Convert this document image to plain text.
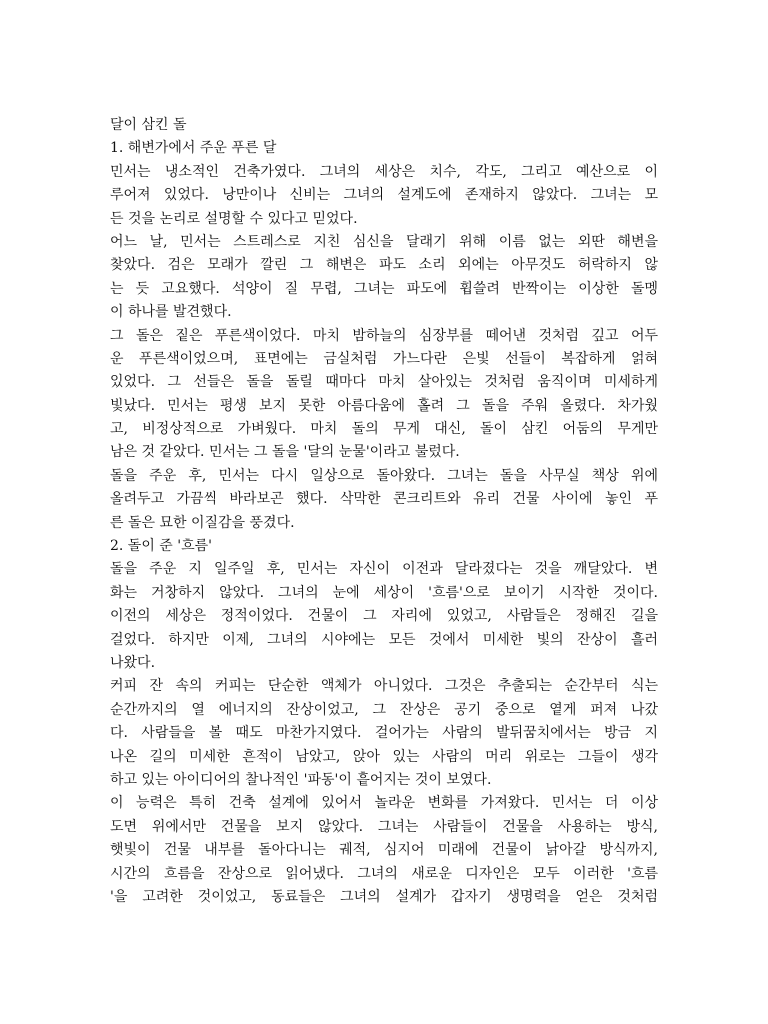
달이 삼킨 돌
1. 해변가에서 주운 푸른 달
민서는 냉소적인 건축가였다. 그녀의 세상은 치수, 각도, 그리고 예산으로 이
루어져 있었다. 낭만이나 신비는 그녀의 설계도에 존재하지 않았다. 그녀는 모
든 것을 논리로 설명할 수 있다고 믿었다.
어느 날, 민서는 스트레스로 지친 심신을 달래기 위해 이름 없는 외딴 해변을
찾았다. 검은 모래가 깔린 그 해변은 파도 소리 외에는 아무것도 허락하지 않
는 듯 고요했다. 석양이 질 무렵, 그녀는 파도에 휩쓸려 반짝이는 이상한 돌멩
이 하나를 발견했다.
그 돌은 짙은 푸른색이었다. 마치 밤하늘의 심장부를 떼어낸 것처럼 깊고 어두
운 푸른색이었으며, 표면에는 금실처럼 가느다란 은빛 선들이 복잡하게 얽혀
있었다. 그 선들은 돌을 돌릴 때마다 마치 살아있는 것처럼 움직이며 미세하게
빛났다. 민서는 평생 보지 못한 아름다움에 홀려 그 돌을 주워 올렸다. 차가웠
고, 비정상적으로 가벼웠다. 마치 돌의 무게 대신, 돌이 삼킨 어둠의 무게만
남은 것 같았다. 민서는 그 돌을 '달의 눈물'이라고 불렀다.
돌을 주운 후, 민서는 다시 일상으로 돌아왔다. 그녀는 돌을 사무실 책상 위에
올려두고 가끔씩 바라보곤 했다. 삭막한 콘크리트와 유리 건물 사이에 놓인 푸
른 돌은 묘한 이질감을 풍겼다.
2. 돌이 준 '흐름'
돌을 주운 지 일주일 후, 민서는 자신이 이전과 달라졌다는 것을 깨달았다. 변
화는 거창하지 않았다. 그녀의 눈에 세상이 '흐름'으로 보이기 시작한 것이다.
이전의 세상은 정적이었다. 건물이 그 자리에 있었고, 사람들은 정해진 길을
걸었다. 하지만 이제, 그녀의 시야에는 모든 것에서 미세한 빛의 잔상이 흘러
나왔다.
커피 잔 속의 커피는 단순한 액체가 아니었다. 그것은 추출되는 순간부터 식는
순간까지의 열 에너지의 잔상이었고, 그 잔상은 공기 중으로 옅게 퍼져 나갔
다. 사람들을 볼 때도 마찬가지였다. 걸어가는 사람의 발뒤꿈치에서는 방금 지
나온 길의 미세한 흔적이 남았고, 앉아 있는 사람의 머리 위로는 그들이 생각
하고 있는 아이디어의 찰나적인 '파동'이 흩어지는 것이 보였다.
이 능력은 특히 건축 설계에 있어서 놀라운 변화를 가져왔다. 민서는 더 이상
도면 위에서만 건물을 보지 않았다. 그녀는 사람들이 건물을 사용하는 방식,
햇빛이 건물 내부를 돌아다니는 궤적, 심지어 미래에 건물이 낡아갈 방식까지,
시간의 흐름을 잔상으로 읽어냈다. 그녀의 새로운 디자인은 모두 이러한 '흐름
'을 고려한 것이었고, 동료들은 그녀의 설계가 갑자기 생명력을 얻은 것처럼
